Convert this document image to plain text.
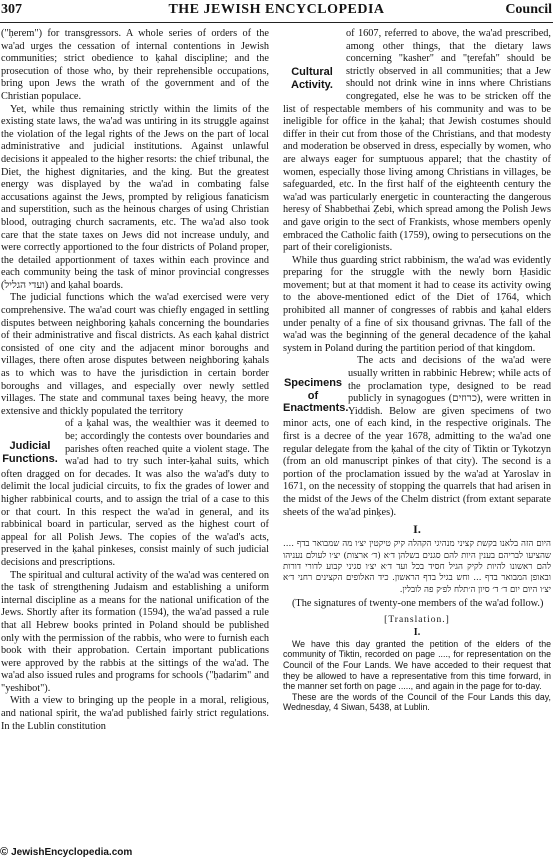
307	THE JEWISH ENCYCLOPEDIA	Council

("ḥerem") for transgressors. A whole series of orders of the wa'ad urges the cessation of internal contentions in Jewish communities; strict obedience to ḳahal discipline; and the prosecution of those who, by their reprehensible occupations, bring upon Jews the wrath of the government and of the Christian populace.

Yet, while thus remaining strictly within the limits of the existing state laws, the wa'ad was untiring in its struggle against the violation of the legal rights of the Jews on the part of local administrative and judicial institutions. Against unlawful decisions it appealed to the higher resorts: the chief tribunal, the Diet, the highest dignitaries, and the king. But the greatest energy was displayed by the wa'ad in combating false accusations against the Jews, prompted by religious fanaticism and superstition, such as the heinous charges of using Christian blood, outraging church sacraments, etc. The wa'ad also took care that the state taxes on Jews did not increase unduly, and were correctly apportioned to the four districts of Poland proper, the detailed apportionment of taxes within each province and each community being the task of minor provincial congresses (ועדי הגליל) and ḳahal boards.

The judicial functions which the wa'ad exercised were very comprehensive. The wa'ad court was chiefly engaged in settling disputes between neighboring ḳahals concerning the boundaries of their administrative and fiscal districts. As each ḳahal district consisted of one city and the adjacent minor boroughs and villages, there often arose disputes between neighboring ḳahals as to which was to have the jurisdiction in certain border boroughs and villages, and especially over newly settled villages. The state and communal taxes being heavy, the more extensive and thickly populated the territory

Judicial Functions.

of a ḳahal was, the wealthier was it deemed to be; accordingly the contests over boundaries and parishes often reached quite a violent stage. The wa'ad had to try such inter-ḳahal suits, which often dragged on for decades. It was also the wa'ad's duty to delimit the local judicial circuits, to fix the grades of lower and higher rabbinical courts, and to assign the trial of a case to this or that court. In this respect the wa'ad in general, and its rabbinical board in particular, served as the highest court of appeal for all Polish Jews. The copies of the wa'ad's acts, preserved in the ḳahal pinkeses, consist mainly of such judicial decisions and prescriptions.

The spiritual and cultural activity of the wa'ad was centered on the task of strengthening Judaism and establishing a uniform internal discipline as a means for the national unification of the Jews. Shortly after its formation (1594), the wa'ad passed a rule that all Hebrew books printed in Poland should be published only with the permission of the rabbis, who were to furnish each book with their approbation. Certain important publications were approved by the rabbis at the sittings of the wa'ad. The wa'ad also issued rules and programs for schools ("ḥadarim" and "yeshibot").

With a view to bringing up the people in a moral, religious, and national spirit, the wa'ad published fairly strict regulations. In the Lublin constitution

Cultural Activity.

of 1607, referred to above, the wa'ad prescribed, among other things, that the dietary laws concerning "kasher" and "ṭerefah" should be strictly observed in all communities; that a Jew should not drink wine in inns where Christians congregated, else he was to be stricken off the list of respectable members of his community and was to be ineligible for office in the ḳahal; that Jewish costumes should differ in their cut from those of the Christians, and that modesty and moderation be observed in dress, especially by women, who are always eager for sumptuous apparel; that the chastity of women, especially those living among Christians in villages, be safeguarded, etc. In the first half of the eighteenth century the wa'ad was particularly energetic in counteracting the dangerous heresy of Shabbethai Ẓebi, which spread among the Polish Jews and gave origin to the sect of Frankists, whose members openly embraced the Catholic faith (1759), owing to persecutions on the part of their coreligionists.

While thus guarding strict rabbinism, the wa'ad was evidently preparing for the struggle with the newly born Ḥasidic movement; but at that moment it had to cease its activity owing to the above-mentioned edict of the Diet of 1764, which prohibited all manner of congresses of rabbis and ḳahal elders under penalty of a fine of six thousand grivnas. The fall of the wa'ad was the beginning of the general decadence of the ḳahal system in Poland during the partition period of that kingdom.

Specimens of Enactments.

The acts and decisions of the wa'ad were usually written in rabbinic Hebrew; while acts of the proclamation type, designed to be read publicly in synagogues (כרוזים), were written in Yiddish. Below are given specimens of two minor acts, one of each kind, in the respective originals. The first is a decree of the year 1678, admitting to the wa'ad one regular delegate from the ḳahal of the city of Tiktin or Tykotzyn (from an old manuscript pinkes of that city). The second is a portion of the proclamation issued by the wa'ad at Yaroslav in 1671, on the necessity of stopping the quarrels that had arisen in the midst of the Jews of the Chelm district (from extant separate sheets of the wa'ad pinḳes).

I.

היום הזה בלאנו בקשת קציני מנהיגי הקהלה קיק טיקטין יצ׳ו מה שמבואר בדף .... שהציעו לבריהם בענין היות להם סגנים בשלהן ד׳א (ד׳ ארצות) יצ׳ו לעולם נעניהו להם ראשונו להיות לקיק הגיל חסיד בכל ועד ד׳א יצ׳ו סגיני קבוע לדורי דורות ובאופן המבואר בדף ... וחש בגיל בדף הראשון. כיד האלופים הקצינים רחני ד׳א יצ׳ו היום יום ד׳ ד׳ סיון ה׳תלח לפ׳ק פה לובלין.

(The signatures of twenty-one members of the wa'ad follow.)

[Translation.]
I.

We have this day granted the petition of the elders of the community of Tiktin, recorded on page ...., for representation on the Council of the Four Lands. We have acceded to their request that they be allowed to have a representative from this time forward, in the manner set forth on page ....., and again in the page for to-day.

These are the words of the Council of the Four Lands this day, Wednesday, 4 Siwan, 5438, at Lublin.

© JewishEncyclopedia.com
